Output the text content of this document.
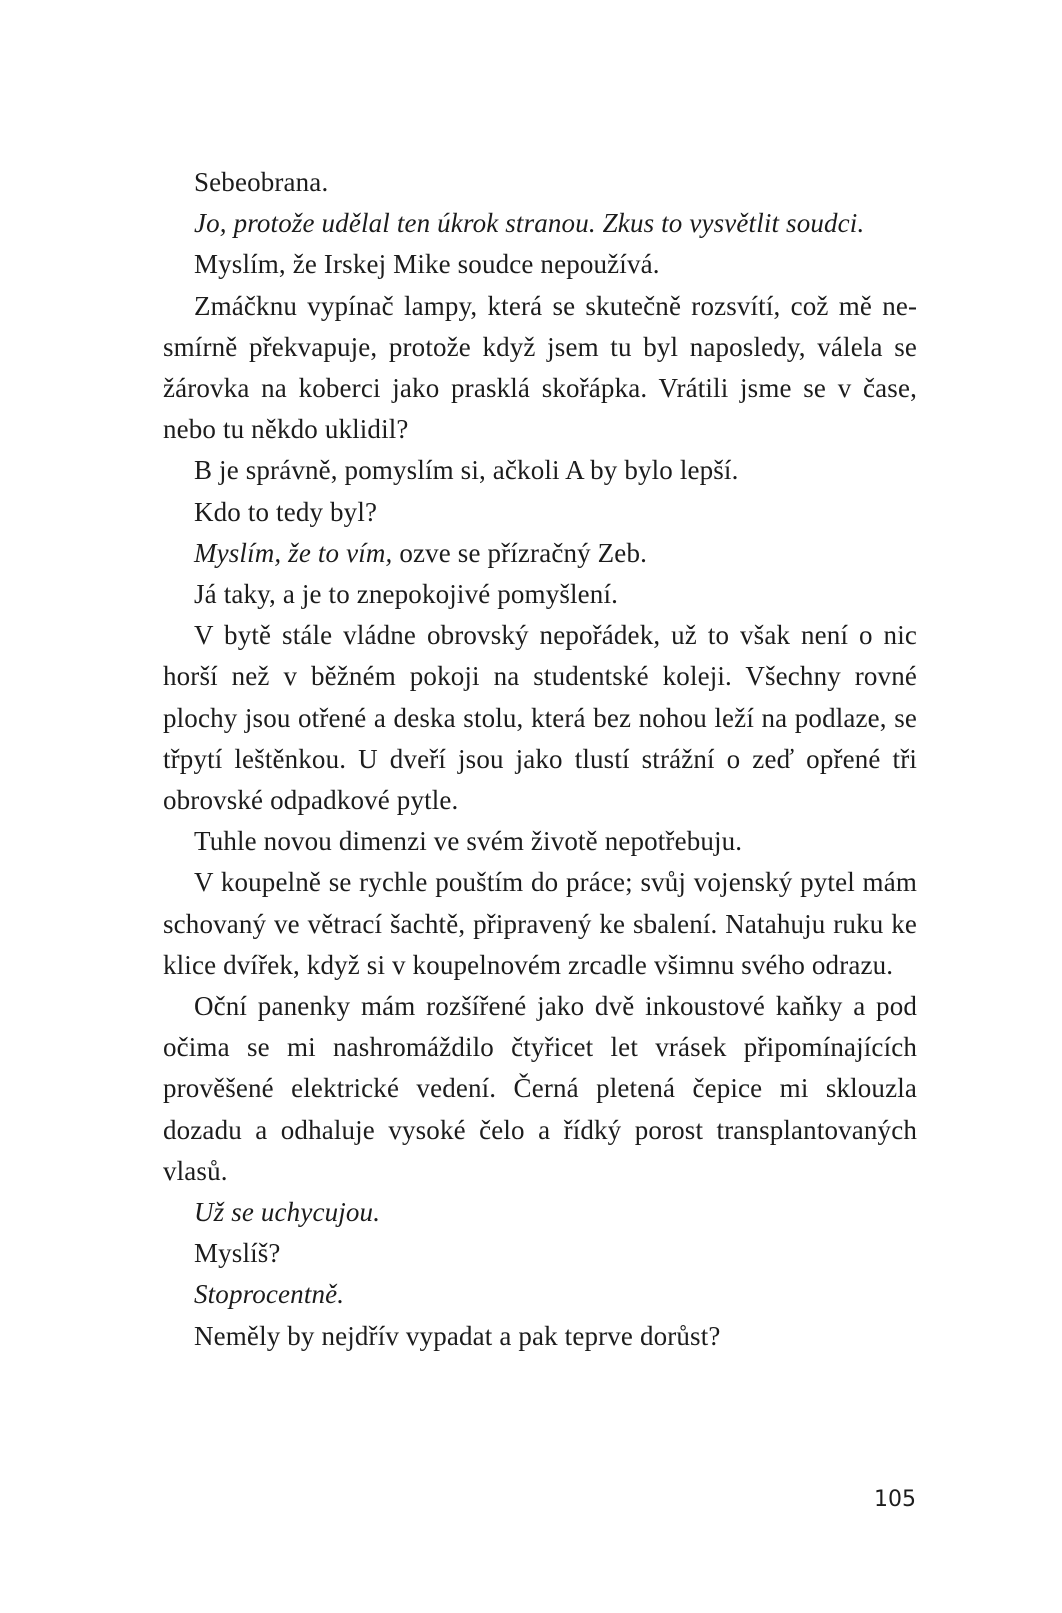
Sebeobrana.

Jo, protože udělal ten úkrok stranou. Zkus to vysvětlit soudci.

Myslím, že Irskej Mike soudce nepoužívá.

Zmáčknu vypínač lampy, která se skutečně rozsvítí, což mě nesmírně překvapuje, protože když jsem tu byl naposledy, válela se žárovka na koberci jako prasklá skořápka. Vrátili jsme se v čase, nebo tu někdo uklidil?

B je správně, pomyslím si, ačkoli A by bylo lepší.

Kdo to tedy byl?

Myslím, že to vím, ozve se přízračný Zeb.

Já taky, a je to znepokojivé pomyšlení.

V bytě stále vládne obrovský nepořádek, už to však není o nic horší než v běžném pokoji na studentské koleji. Všechny rovné plochy jsou otřené a deska stolu, která bez nohou leží na podlaze, se třpytí leštěnkou. U dveří jsou jako tlustí strážní o zeď opřené tři obrovské odpadkové pytle.

Tuhle novou dimenzi ve svém životě nepotřebuju.

V koupelně se rychle pouštím do práce; svůj vojenský pytel mám schovaný ve větrací šachtě, připravený ke sbalení. Natahuju ruku ke klice dvířek, když si v koupelnovém zrcadle všimnu svého odrazu.

Oční panenky mám rozšířené jako dvě inkoustové kaňky a pod očima se mi nashromáždilo čtyřicet let vrásek připomínajících prověšené elektrické vedení. Černá pletená čepice mi sklouzla dozadu a odhaluje vysoké čelo a řídký porost transplantovaných vlasů.

Už se uchycujou.

Myslíš?

Stoprocentně.

Neměly by nejdřív vypadat a pak teprve dorůst?

105
